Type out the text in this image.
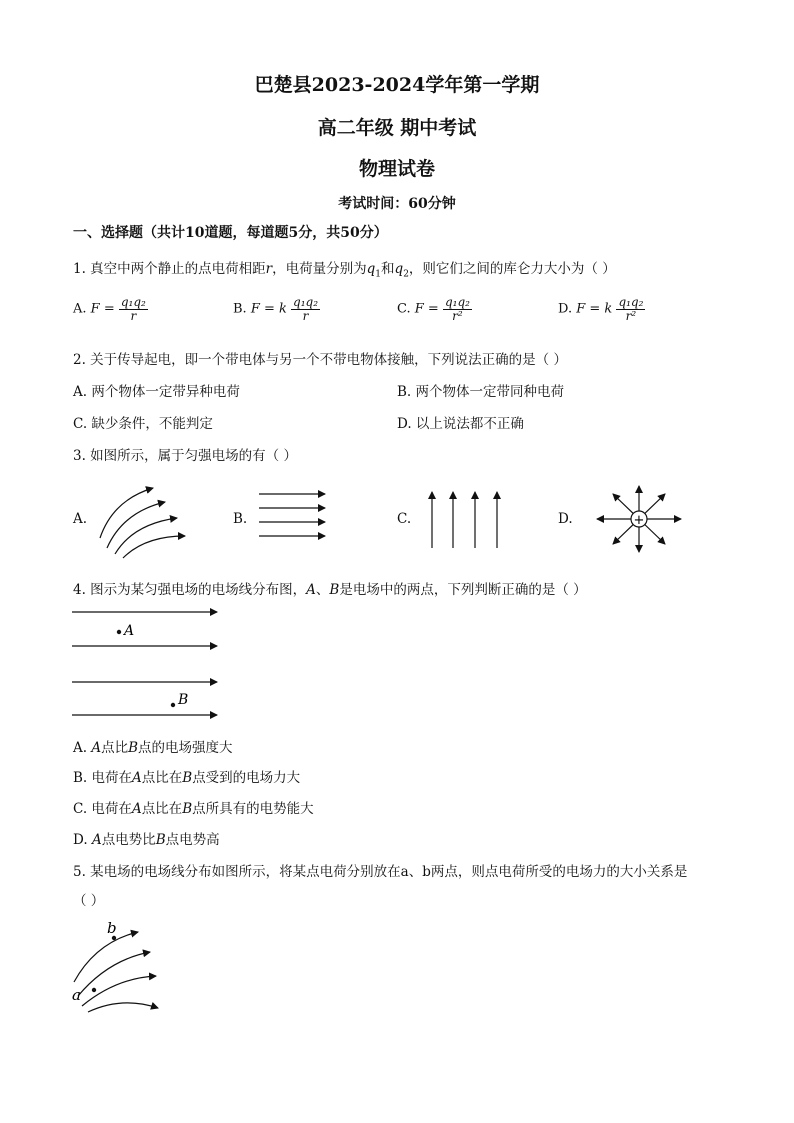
巴楚县2023-2024学年第一学期
高二年级 期中考试
物理试卷
考试时间：60分钟
一、选择题（共计10道题，每道题5分，共50分）
1. 真空中两个静止的点电荷相距r，电荷量分别为$q_1$和$q_2$，则它们之间的库仑力大小为（ ）
A. $F = \frac{\text{q₁q₂}}{r}$	B. F = k $\frac{\text{q₁q₂}}{r}$	C. $F = \frac{\text{q₁q₂}}{\text{r²}}$	D. F = k $\frac{\text{q₁q₂}}{\text{r²}}$
2. 关于传导起电，即一个带电体与另一个不带电物体接触，下列说法正确的是（ ）
A. 两个物体一定带异种电荷	B. 两个物体一定带同种电荷
C. 缺少条件，不能判定	D. 以上说法都不正确
3. 如图所示，属于匀强电场的有（ ）
A.	B.	C.	D.	+
4. 图示为某匀强电场的电场线分布图，A、B是电场中的两点，下列判断正确的是（ ）
A
B
A. A点比B点的电场强度大
B. 电荷在A点比在B点受到的电场力大
C. 电荷在A点比在B点所具有的电势能大
D. A点电势比B点电势高
5. 某电场的电场线分布如图所示，将某点电荷分别放在a、b两点，则点电荷所受的电场力的大小关系是
（ ）
b
a
